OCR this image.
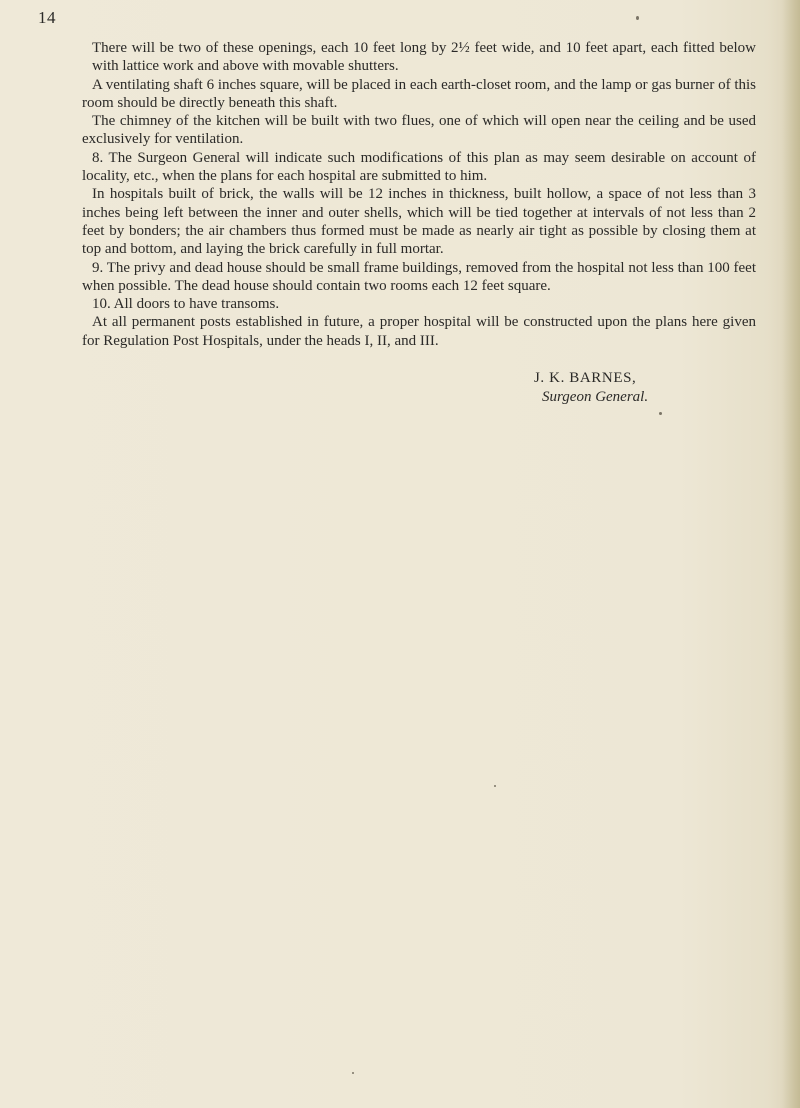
14

There will be two of these openings, each 10 feet long by 2½ feet wide, and 10 feet apart, each fitted below with lattice work and above with movable shutters.

A ventilating shaft 6 inches square, will be placed in each earth-closet room, and the lamp or gas burner of this room should be directly beneath this shaft.

The chimney of the kitchen will be built with two flues, one of which will open near the ceiling and be used exclusively for ventilation.

8. The Surgeon General will indicate such modifications of this plan as may seem desirable on account of locality, etc., when the plans for each hospital are submitted to him.

In hospitals built of brick, the walls will be 12 inches in thickness, built hollow, a space of not less than 3 inches being left between the inner and outer shells, which will be tied together at intervals of not less than 2 feet by bonders; the air chambers thus formed must be made as nearly air tight as possible by closing them at top and bottom, and laying the brick carefully in full mortar.

9. The privy and dead house should be small frame buildings, removed from the hospital not less than 100 feet when possible. The dead house should contain two rooms each 12 feet square.

10. All doors to have transoms.

At all permanent posts established in future, a proper hospital will be constructed upon the plans here given for Regulation Post Hospitals, under the heads I, II, and III.

J. K. BARNES,
Surgeon General.
